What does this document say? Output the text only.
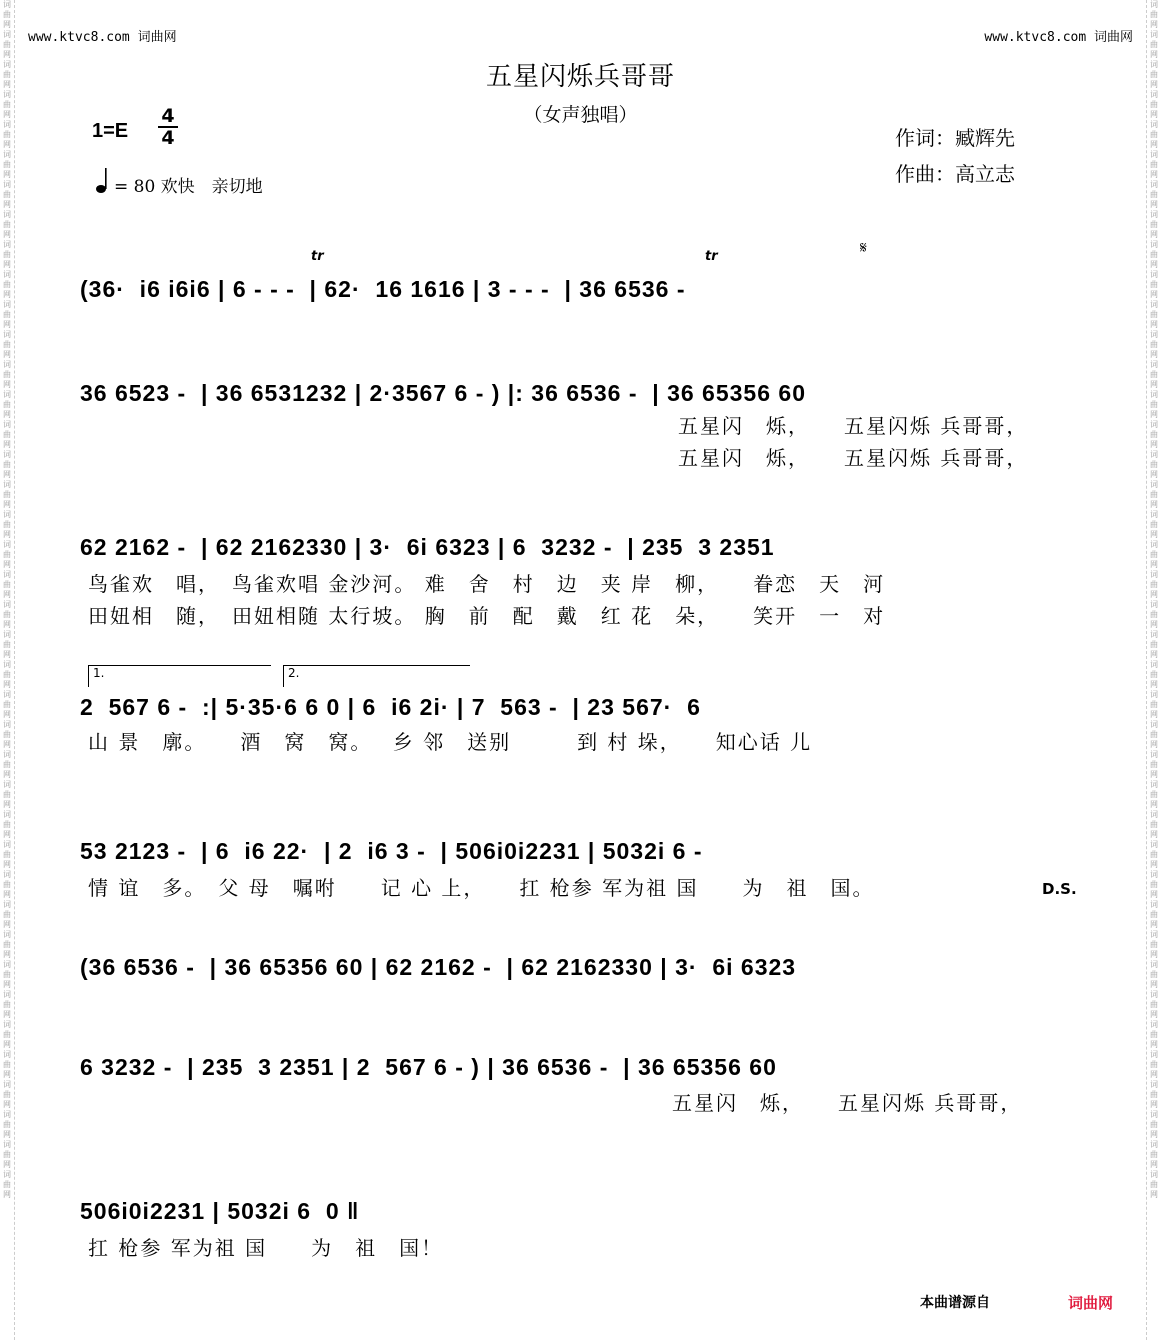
词曲网词曲网词曲网词曲网词曲网词曲网词曲网词曲网词曲网词曲网词曲网词曲网词曲网词曲网词曲网词曲网词曲网词曲网词曲网词曲网词曲网词曲网词曲网词曲网词曲网词曲网词曲网词曲网词曲网词曲网词曲网词曲网词曲网词曲网词曲网词曲网词曲网词曲网词曲网词曲网
词曲网词曲网词曲网词曲网词曲网词曲网词曲网词曲网词曲网词曲网词曲网词曲网词曲网词曲网词曲网词曲网词曲网词曲网词曲网词曲网词曲网词曲网词曲网词曲网词曲网词曲网词曲网词曲网词曲网词曲网词曲网词曲网词曲网词曲网词曲网词曲网词曲网词曲网词曲网词曲网
www.ktvc8.com 词曲网	www.ktvc8.com 词曲网
五星闪烁兵哥哥
（女声独唱）
1=E
4
4
= 80 欢快　亲切地
作词：臧辉先
作曲：高立志
tr	tr	𝄋
(36·  i6 i6i6 | 6 - - -  | 62·  16 1616 | 3 - - -  | 36 6536 -
36 6523 -  | 36 6531232 | 2·3567 6 - ) |: 36 6536 -  | 36 65356 60
五星闪　烁，　　五星闪烁 兵哥哥，
五星闪　烁，　　五星闪烁 兵哥哥，
62 2162 -  | 62 2162330 | 3·  6i 6323 | 6  3232 -  | 235  3 2351
鸟雀欢　唱，　鸟雀欢唱 金沙河。 难　舍　村　边　夹 岸　柳，　　眷恋　天　河
田妞相　随，　田妞相随 太行坡。 胸　前　配　戴　红 花　朵，　　笑开　一　对
1.	2.
2  567 6 -  :| 5·35·6 6 0 | 6  i6 2i· | 7  563 -  | 23 567·  6
山 景　廓。　　酒　窝　窝。　 乡 邻　送别　　　到 村 垛，　　知心话 儿
53 2123 -  | 6  i6 22·  | 2  i6 3 -  | 506i0i2231 | 5032i 6 -
情 谊　多。　父 母　嘱咐　　记 心 上，　　扛 枪参 军为祖 国　　为　祖　国。	D.S.
(36 6536 -  | 36 65356 60 | 62 2162 -  | 62 2162330 | 3·  6i 6323
6 3232 -  | 235  3 2351 | 2  567 6 - ) | 36 6536 -  | 36 65356 60
五星闪　烁，　　五星闪烁 兵哥哥，
506i0i2231 | 5032i 6  0 ‖
扛 枪参 军为祖 国　　为　祖　国！
本曲谱源自	词曲网
